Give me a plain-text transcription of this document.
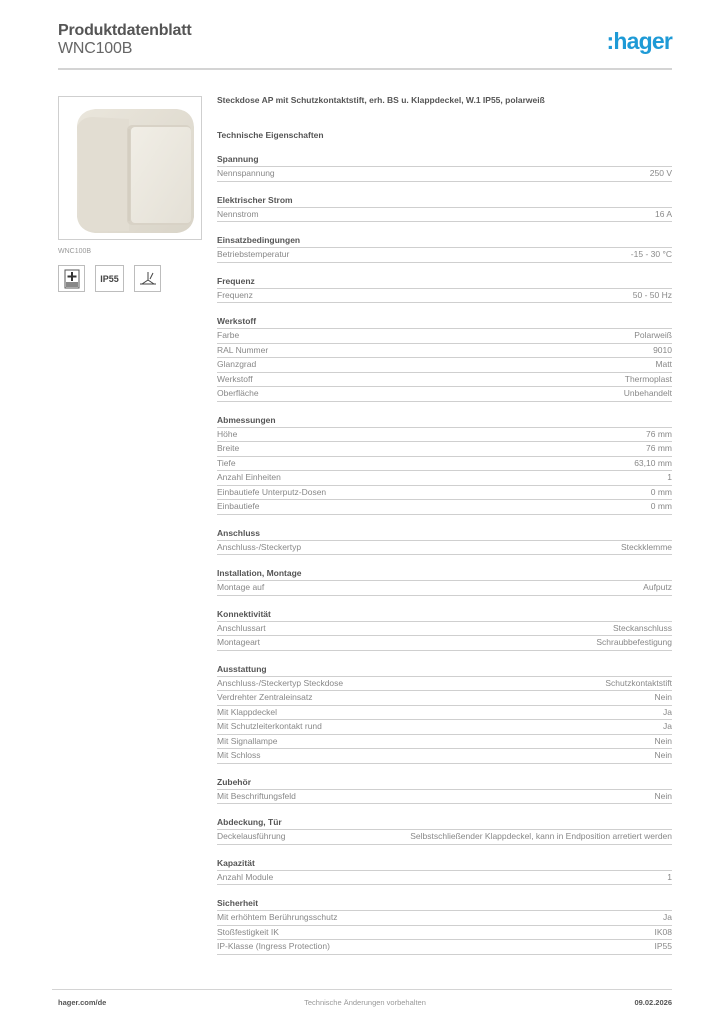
Produktdatenblatt
WNC100B	:hager
WNC100B
IP55
Steckdose AP mit Schutzkontaktstift, erh. BS u. Klappdeckel, W.1 IP55, polarweiß
Technische Eigenschaften
Spannung
Nennspannung	250 V
Elektrischer Strom
Nennstrom	16 A
Einsatzbedingungen
Betriebstemperatur	-15 - 30 °C
Frequenz
Frequenz	50 - 50 Hz
Werkstoff
Farbe	Polarweiß
RAL Nummer	9010
Glanzgrad	Matt
Werkstoff	Thermoplast
Oberfläche	Unbehandelt
Abmessungen
Höhe	76 mm
Breite	76 mm
Tiefe	63,10 mm
Anzahl Einheiten	1
Einbautiefe Unterputz-Dosen	0 mm
Einbautiefe	0 mm
Anschluss
Anschluss-/Steckertyp	Steckklemme
Installation, Montage
Montage auf	Aufputz
Konnektivität
Anschlussart	Steckanschluss
Montageart	Schraubbefestigung
Ausstattung
Anschluss-/Steckertyp Steckdose	Schutzkontaktstift
Verdrehter Zentraleinsatz	Nein
Mit Klappdeckel	Ja
Mit Schutzleiterkontakt rund	Ja
Mit Signallampe	Nein
Mit Schloss	Nein
Zubehör
Mit Beschriftungsfeld	Nein
Abdeckung, Tür
Deckelausführung	Selbstschließender Klappdeckel, kann in Endposition arretiert werden
Kapazität
Anzahl Module	1
Sicherheit
Mit erhöhtem Berührungsschutz	Ja
Stoßfestigkeit IK	IK08
IP-Klasse (Ingress Protection)	IP55
hager.com/de	Technische Änderungen vorbehalten	09.02.2026
